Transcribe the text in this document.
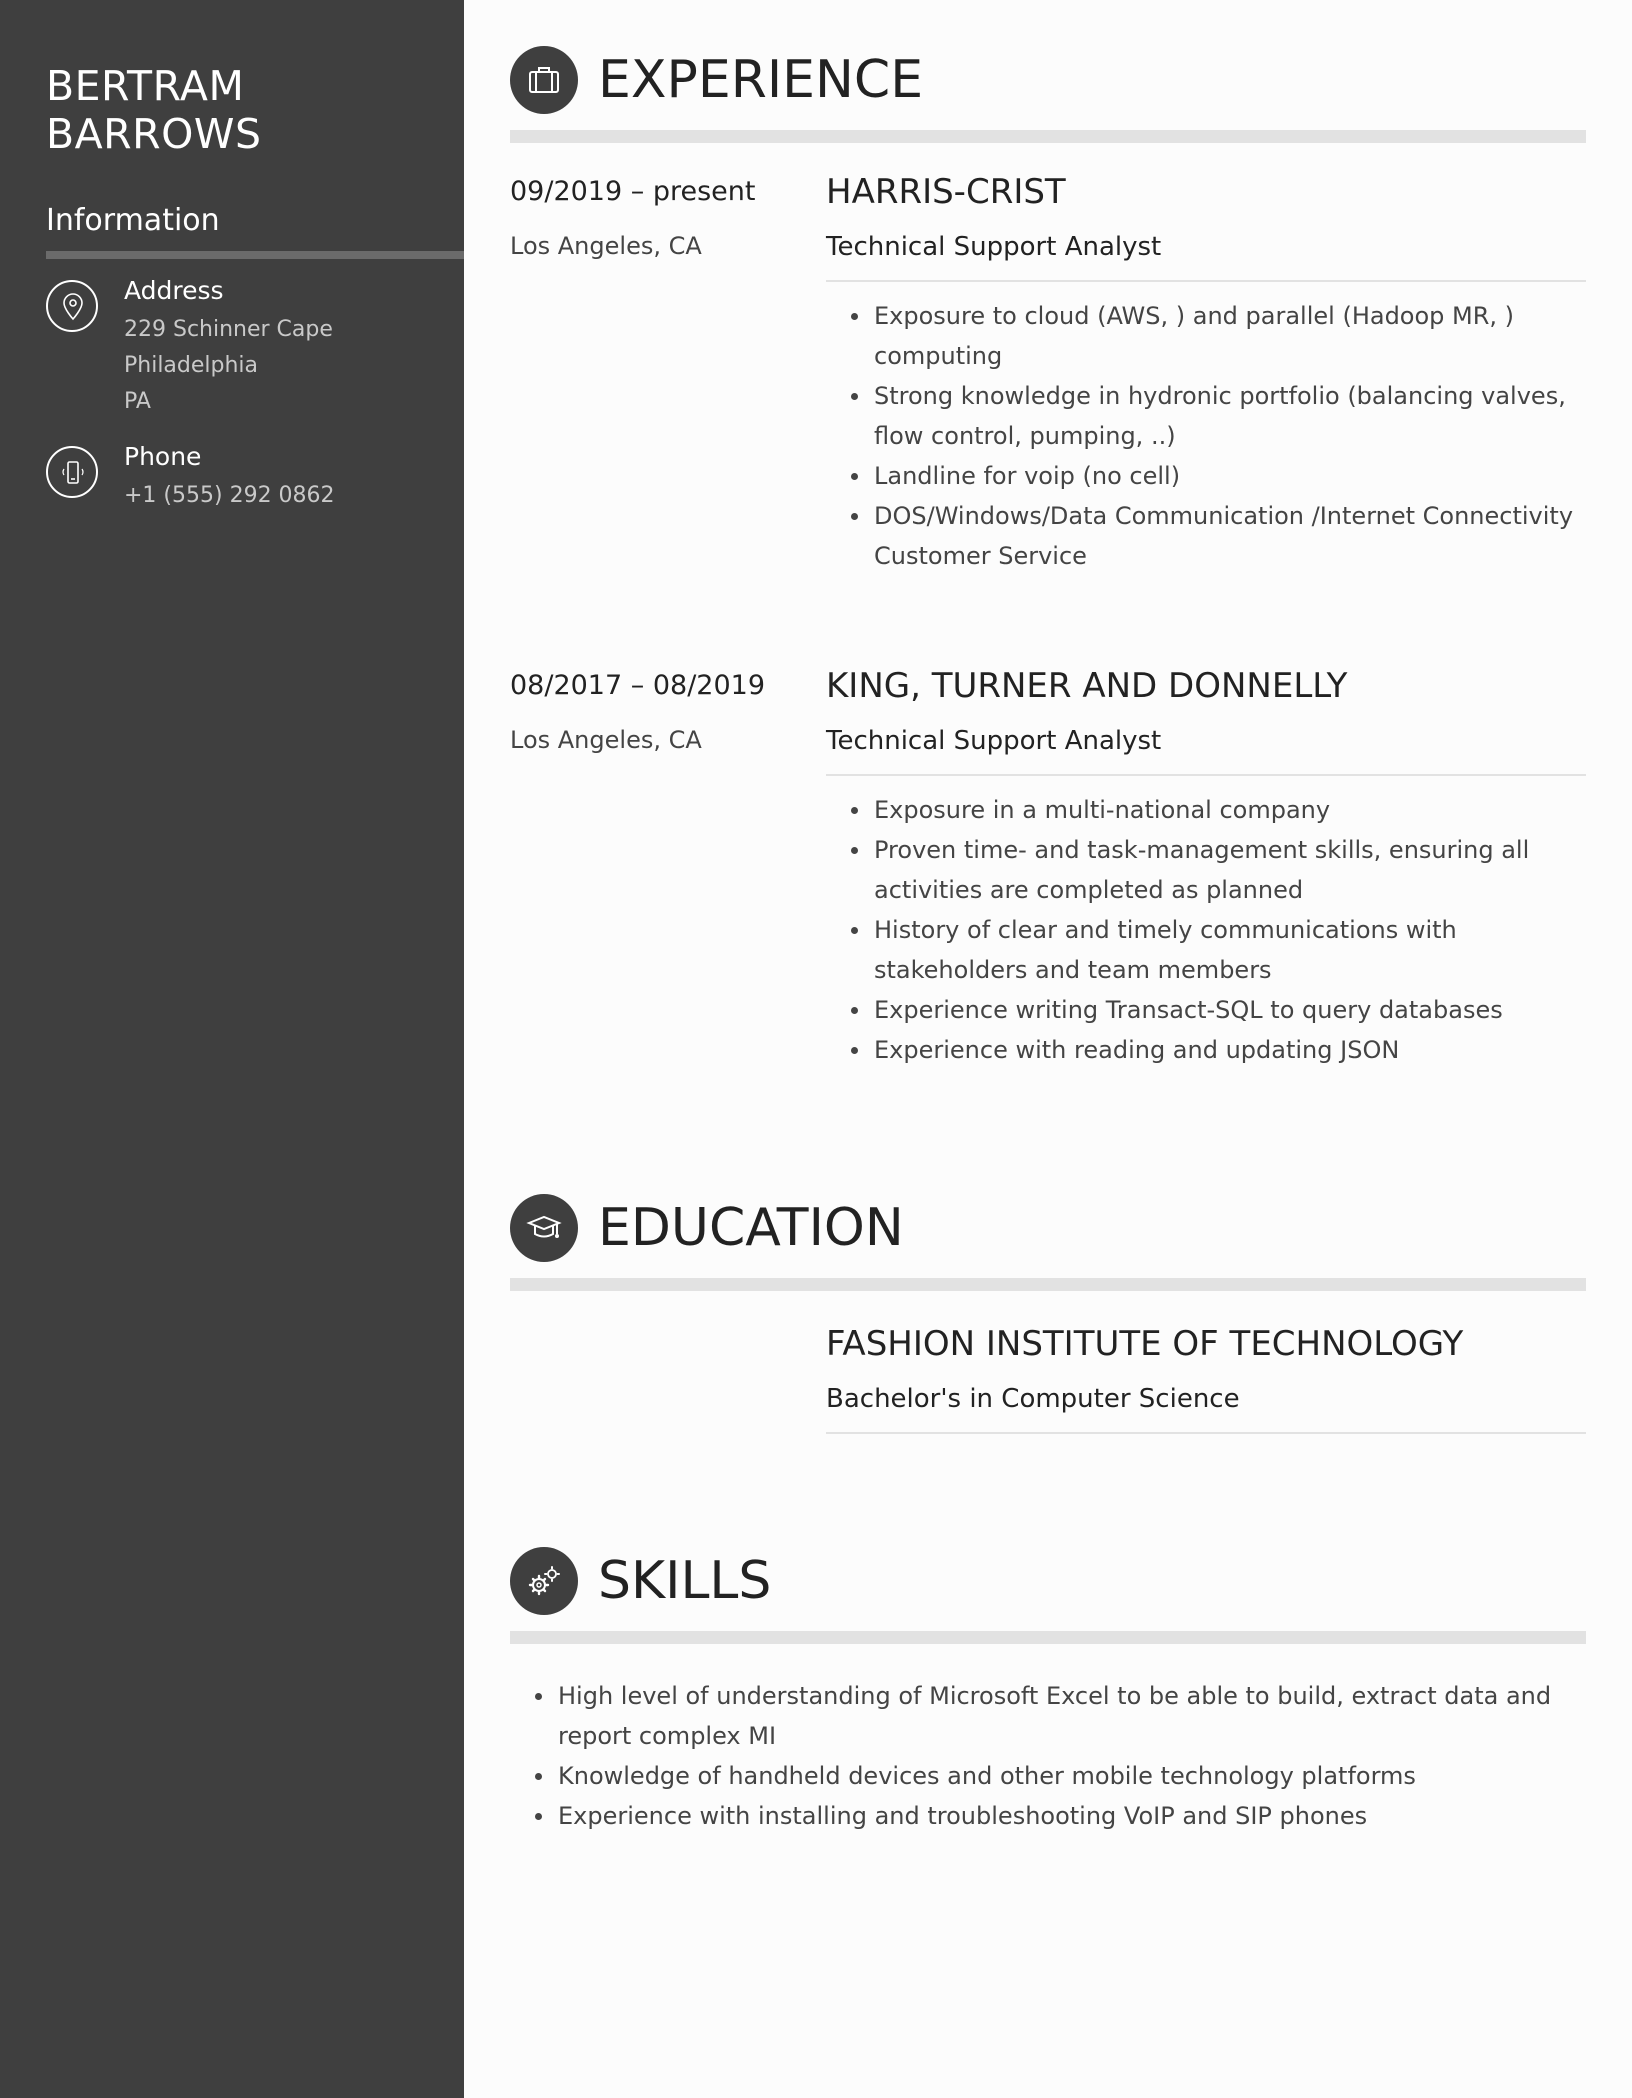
BERTRAM
BARROWS
Information
Address
229 Schinner Cape
Philadelphia
PA
Phone
+1 (555) 292 0862
EXPERIENCE
09/2019 – present
Los Angeles, CA
HARRIS-CRIST
Technical Support Analyst
Exposure to cloud (AWS, ) and parallel (Hadoop MR, ) computing
Strong knowledge in hydronic portfolio (balancing valves, flow control, pumping, ..)
Landline for voip (no cell)
DOS/Windows/Data Communication /Internet Connectivity Customer Service
08/2017 – 08/2019
Los Angeles, CA
KING, TURNER AND DONNELLY
Technical Support Analyst
Exposure in a multi-national company
Proven time- and task-management skills, ensuring all activities are completed as planned
History of clear and timely communications with stakeholders and team members
Experience writing Transact-SQL to query databases
Experience with reading and updating JSON
EDUCATION
FASHION INSTITUTE OF TECHNOLOGY
Bachelor's in Computer Science
SKILLS
High level of understanding of Microsoft Excel to be able to build, extract data and report complex MI
Knowledge of handheld devices and other mobile technology platforms
Experience with installing and troubleshooting VoIP and SIP phones
